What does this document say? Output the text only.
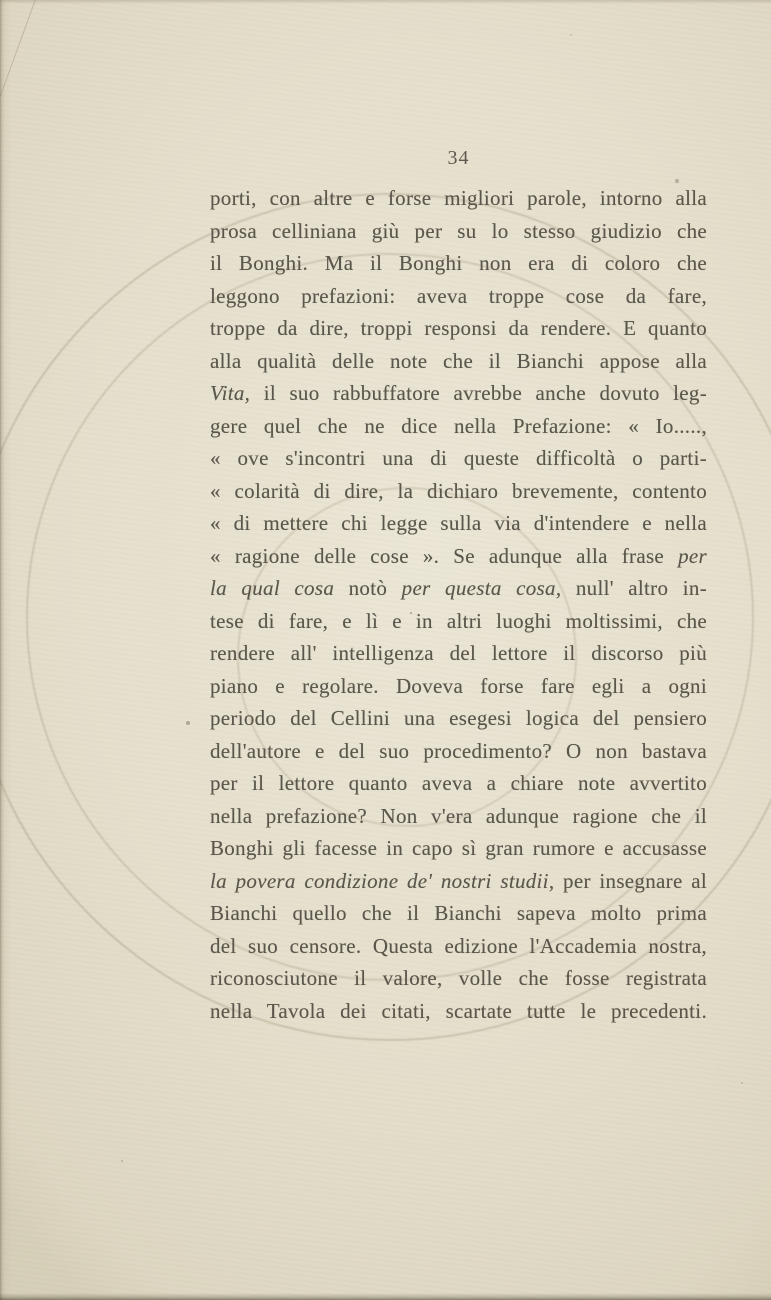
34
porti, con altre e forse migliori parole, intorno alla
prosa celliniana giù per su lo stesso giudizio che
il Bonghi. Ma il Bonghi non era di coloro che
leggono prefazioni: aveva troppe cose da fare,
troppe da dire, troppi responsi da rendere. E quanto
alla qualità delle note che il Bianchi appose alla
Vita, il suo rabbuffatore avrebbe anche dovuto leg-
gere quel che ne dice nella Prefazione: « Io.....,
« ove s'incontri una di queste difficoltà o parti-
« colarità di dire, la dichiaro brevemente, contento
« di mettere chi legge sulla via d'intendere e nella
« ragione delle cose ». Se adunque alla frase per
la qual cosa notò per questa cosa, null' altro in-
tese di fare, e lì e in altri luoghi moltissimi, che
rendere all' intelligenza del lettore il discorso più
piano e regolare. Doveva forse fare egli a ogni
periodo del Cellini una esegesi logica del pensiero
dell'autore e del suo procedimento? O non bastava
per il lettore quanto aveva a chiare note avvertito
nella prefazione? Non v'era adunque ragione che il
Bonghi gli facesse in capo sì gran rumore e accusasse
la povera condizione de' nostri studii, per insegnare al
Bianchi quello che il Bianchi sapeva molto prima
del suo censore. Questa edizione l'Accademia nostra,
riconosciutone il valore, volle che fosse registrata
nella Tavola dei citati, scartate tutte le precedenti.
